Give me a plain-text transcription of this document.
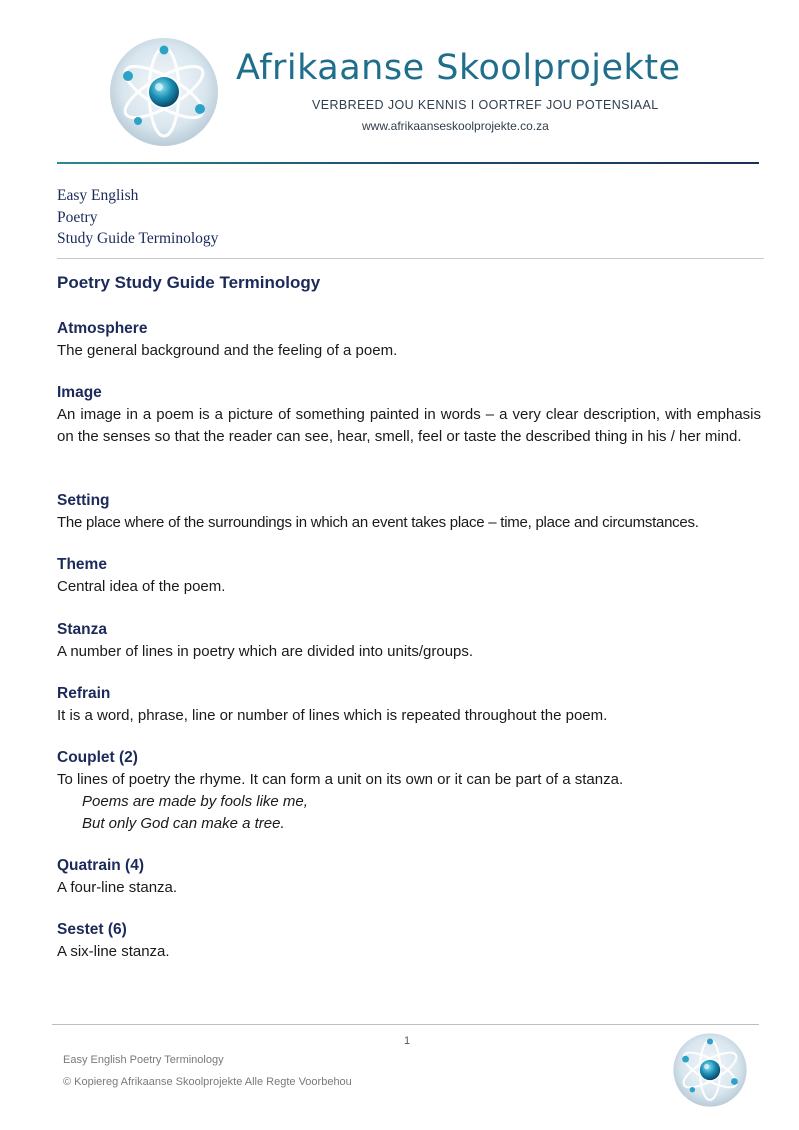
Afrikaanse Skoolprojekte
VERBREED JOU KENNIS I OORTREF JOU POTENSIAAL
www.afrikaanseskoolprojekte.co.za
Easy English
Poetry
Study Guide Terminology
Poetry Study Guide Terminology
Atmosphere
The general background and the feeling of a poem.
Image
An image in a poem is a picture of something painted in words – a very clear description, with emphasis on the senses so that the reader can see, hear, smell, feel or taste the described thing in his / her mind.
Setting
The place where of the surroundings in which an event takes place – time, place and circumstances.
Theme
Central idea of the poem.
Stanza
A number of lines in poetry which are divided into units/groups.
Refrain
It is a word, phrase, line or number of lines which is repeated throughout the poem.
Couplet (2)
To lines of poetry the rhyme. It can form a unit on its own or it can be part of a stanza.
Poems are made by fools like me,
But only God can make a tree.
Quatrain (4)
A four-line stanza.
Sestet (6)
A six-line stanza.
1
Easy English Poetry Terminology
© Kopiereg Afrikaanse Skoolprojekte Alle Regte Voorbehou
